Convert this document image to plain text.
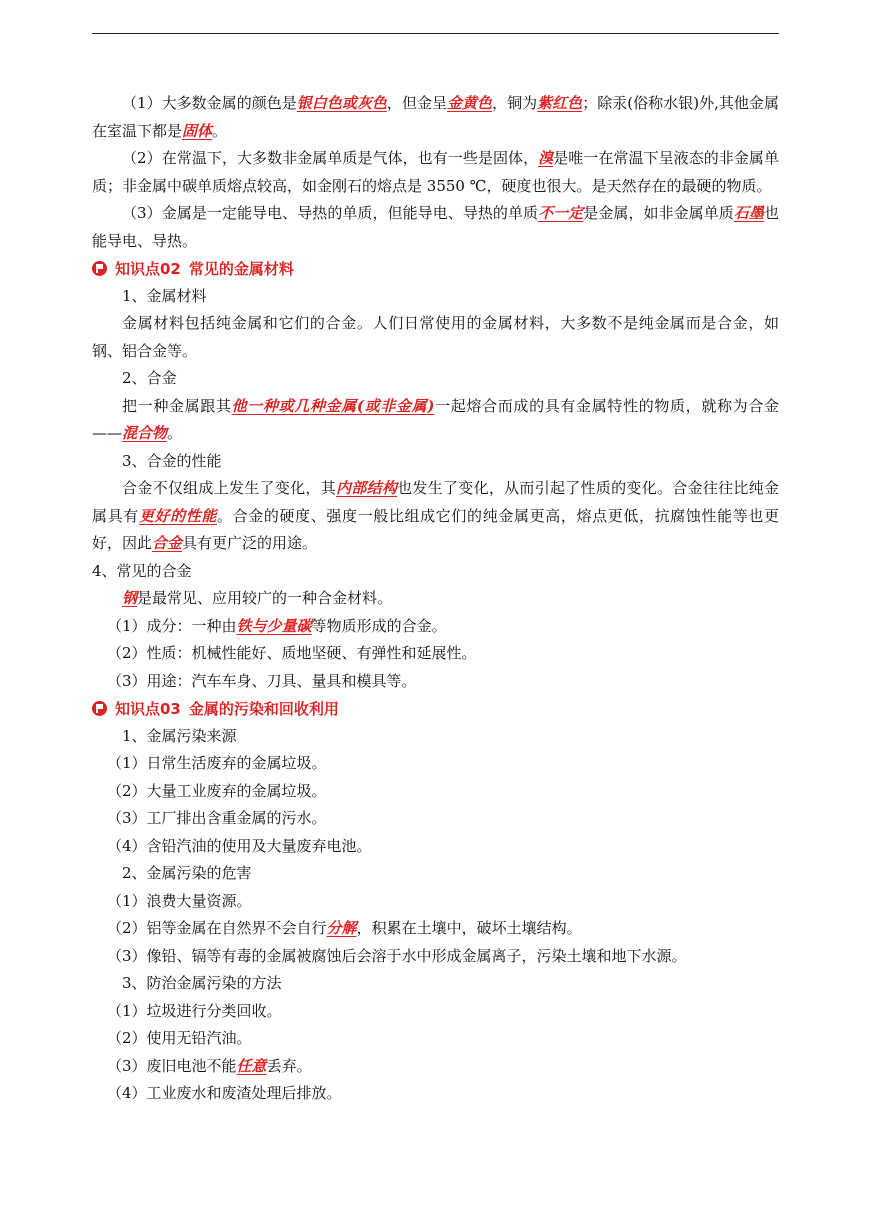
（1）大多数金属的颜色是银白色或灰色，但金呈金黄色，铜为紫红色；除汞(俗称水银)外,其他金属在室温下都是固体。

（2）在常温下，大多数非金属单质是气体，也有一些是固体，溴是唯一在常温下呈液态的非金属单质；非金属中碳单质熔点较高，如金刚石的熔点是 3550 ℃，硬度也很大。是天然存在的最硬的物质。

（3）金属是一定能导电、导热的单质，但能导电、导热的单质不一定是金属，如非金属单质石墨也能导电、导热。

知识点02 常见的金属材料

1、金属材料

金属材料包括纯金属和它们的合金。人们日常使用的金属材料，大多数不是纯金属而是合金，如钢、铝合金等。

2、合金

把一种金属跟其他一种或几种金属(或非金属)一起熔合而成的具有金属特性的物质，就称为合金——混合物。

3、合金的性能

合金不仅组成上发生了变化，其内部结构也发生了变化，从而引起了性质的变化。合金往往比纯金属具有更好的性能。合金的硬度、强度一般比组成它们的纯金属更高，熔点更低，抗腐蚀性能等也更好，因此合金具有更广泛的用途。

4、常见的合金

钢是最常见、应用较广的一种合金材料。

（1）成分：一种由铁与少量碳等物质形成的合金。

（2）性质：机械性能好、质地坚硬、有弹性和延展性。

（3）用途：汽车车身、刀具、量具和模具等。

知识点03 金属的污染和回收利用

1、金属污染来源

（1）日常生活废弃的金属垃圾。

（2）大量工业废弃的金属垃圾。

（3）工厂排出含重金属的污水。

（4）含铅汽油的使用及大量废弃电池。

2、金属污染的危害

（1）浪费大量资源。

（2）铝等金属在自然界不会自行分解，积累在土壤中，破坏土壤结构。

（3）像铅、镉等有毒的金属被腐蚀后会溶于水中形成金属离子，污染土壤和地下水源。

3、防治金属污染的方法

（1）垃圾进行分类回收。

（2）使用无铅汽油。

（3）废旧电池不能任意丢弃。

（4）工业废水和废渣处理后排放。
